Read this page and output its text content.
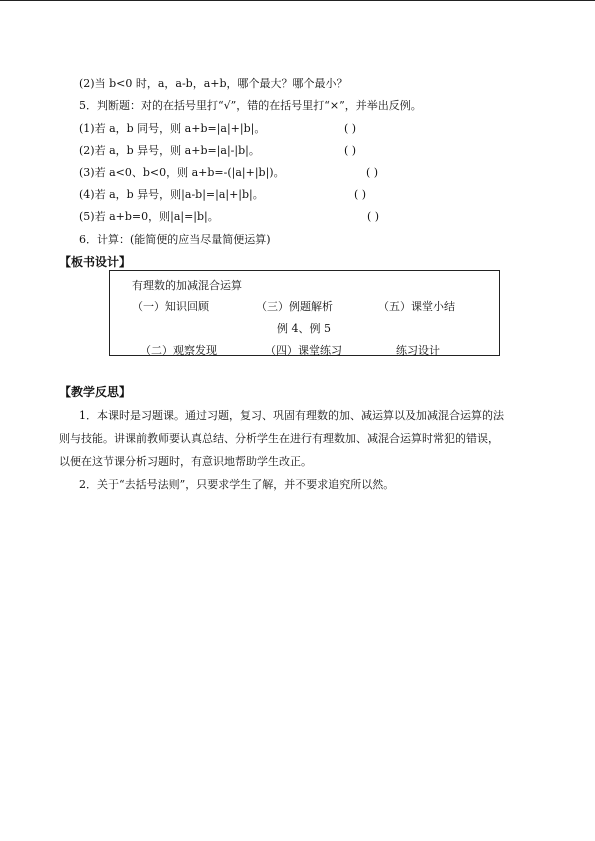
(2)当 b<0 时，a，a-b，a+b，哪个最大？哪个最小？
5．判断题：对的在括号里打“√”，错的在括号里打“×”，并举出反例。
(1)若 a，b 同号，则 a+b=|a|+|b|。	( )
(2)若 a，b 异号，则 a+b=|a|-|b|。	( )
(3)若 a<0、b<0，则 a+b=-(|a|+|b|)。	( )
(4)若 a，b 异号，则|a-b|=|a|+|b|。	( )
(5)若 a+b=0，则|a|=|b|。	( )
6．计算：(能简便的应当尽量简便运算)
【板书设计】
有理数的加减混合运算
（一）知识回顾	（三）例题解析	（五）课堂小结
例 4、例 5
（二）观察发现	（四）课堂练习	练习设计
【教学反思】
1．本课时是习题课。通过习题，复习、巩固有理数的加、减运算以及加减混合运算的法
则与技能。讲课前教师要认真总结、分析学生在进行有理数加、减混合运算时常犯的错误，
以便在这节课分析习题时，有意识地帮助学生改正。
2．关于“去括号法则”，只要求学生了解，并不要求追究所以然。
